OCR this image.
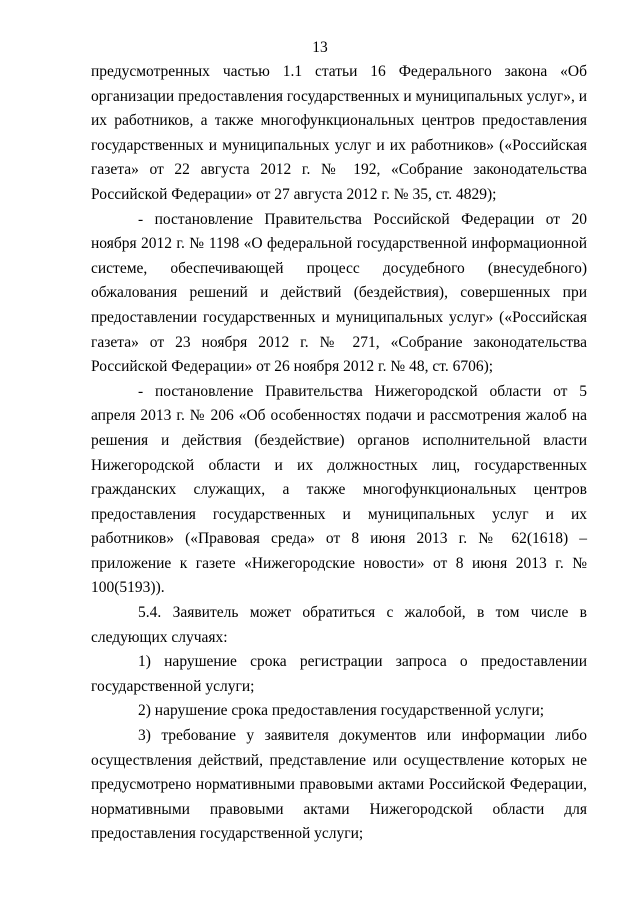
13

предусмотренных частью 1.1 статьи 16 Федерального закона «Об организации предоставления государственных и муниципальных услуг», и их работников, а также многофункциональных центров предоставления государственных и муниципальных услуг и их работников» («Российская газета» от 22 августа 2012 г. № 192, «Собрание законодательства Российской Федерации» от 27 августа 2012 г. № 35, ст. 4829);

- постановление Правительства Российской Федерации от 20 ноября 2012 г. № 1198 «О федеральной государственной информационной системе, обеспечивающей процесс досудебного (внесудебного) обжалования решений и действий (бездействия), совершенных при предоставлении государственных и муниципальных услуг» («Российская газета» от 23 ноября 2012 г. № 271, «Собрание законодательства Российской Федерации» от 26 ноября 2012 г. № 48, ст. 6706);

- постановление Правительства Нижегородской области от 5 апреля 2013 г. № 206 «Об особенностях подачи и рассмотрения жалоб на решения и действия (бездействие) органов исполнительной власти Нижегородской области и их должностных лиц, государственных гражданских служащих, а также многофункциональных центров предоставления государственных и муниципальных услуг и их работников» («Правовая среда» от 8 июня 2013 г. № 62(1618) – приложение к газете «Нижегородские новости» от 8 июня 2013 г. № 100(5193)).

5.4. Заявитель может обратиться с жалобой, в том числе в следующих случаях:

1) нарушение срока регистрации запроса о предоставлении государственной услуги;

2) нарушение срока предоставления государственной услуги;

3) требование у заявителя документов или информации либо осуществления действий, представление или осуществление которых не предусмотрено нормативными правовыми актами Российской Федерации, нормативными правовыми актами Нижегородской области для предоставления государственной услуги;
